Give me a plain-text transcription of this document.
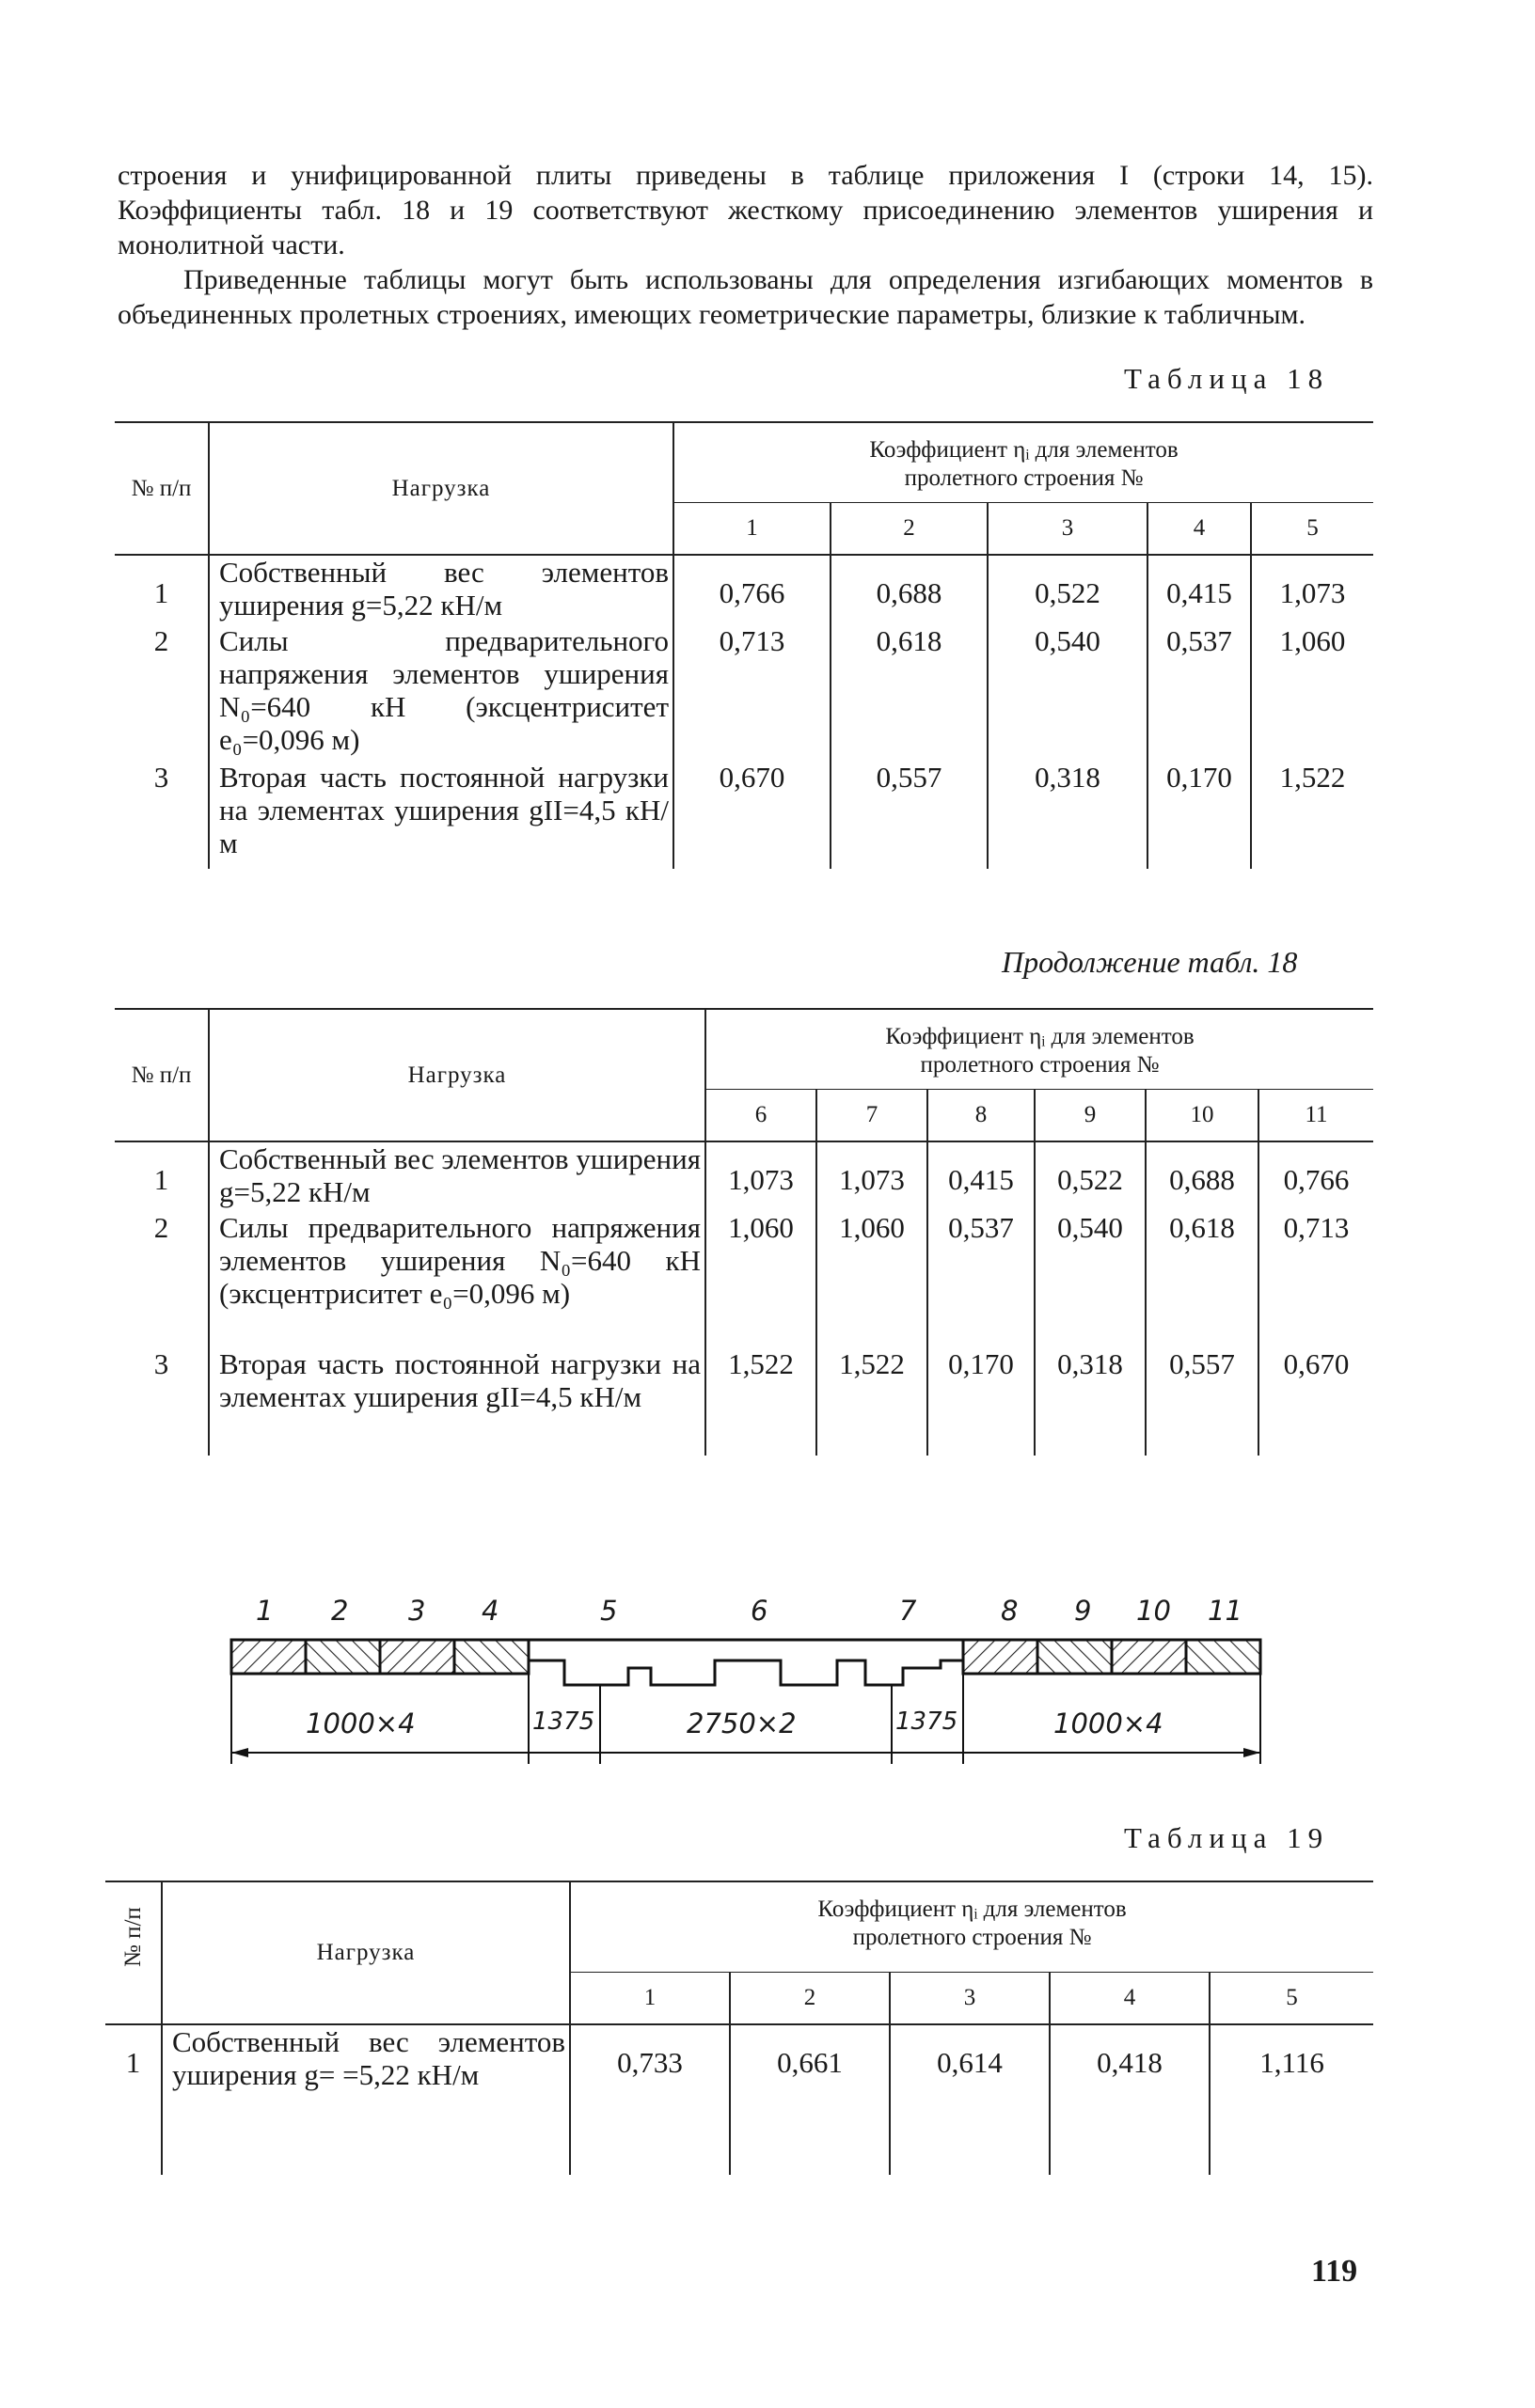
строения и унифицированной плиты приведены в таблице приложения I (строки 14, 15). Коэффициенты табл. 18 и 19 соответствуют жесткому присоединению элементов уширения и монолитной части.

Приведенные таблицы могут быть использованы для определения изгибающих моментов в объединенных пролетных строениях, имеющих геометрические параметры, близкие к табличным.

Таблица 18
№ п/п	Нагрузка	Коэффициент ηᵢ для элементов
пролетного строения №				

		1	2	3	4	5
1	Собственный вес элементов уширения g=5,22 кН/м	0,766	0,688	0,522	0,415	1,073
2	Силы предварительного напряжения элементов уширения N₀=640 кН (эксцентриситет e₀=0,096 м)	0,713	0,618	0,540	0,537	1,060
3	Вторая часть постоянной нагрузки на элементах уширения gII=4,5 кН/м	0,670	0,557	0,318	0,170	1,522
Продолжение табл. 18
№ п/п	Нагрузка	Коэффициент ηᵢ для элементов
пролетного строения №					

		6	7	8	9	10	11
1	Собственный вес элементов уширения g=5,22 кН/м	1,073	1,073	0,415	0,522	0,688	0,766
2	Силы предварительного напряжения элементов уширения N₀=640 кН (эксцентриситет e₀=0,096 м)	1,060	1,060	0,537	0,540	0,618	0,713
3	Вторая часть постоянной нагрузки на элементах уширения gII=4,5 кН/м	1,522	1,522	0,170	0,318	0,557	0,670
1 2 3 4	5	6	7	8 9 10 11
1000×4	1375	2750×2	1375	1000×4
Таблица 19
№ п/п	Нагрузка	Коэффициент ηᵢ для элементов
пролетного строения №				

		1	2	3	4	5
1	Собственный вес элементов уширения g= =5,22 кН/м	0,733	0,661	0,614	0,418	1,116
119
